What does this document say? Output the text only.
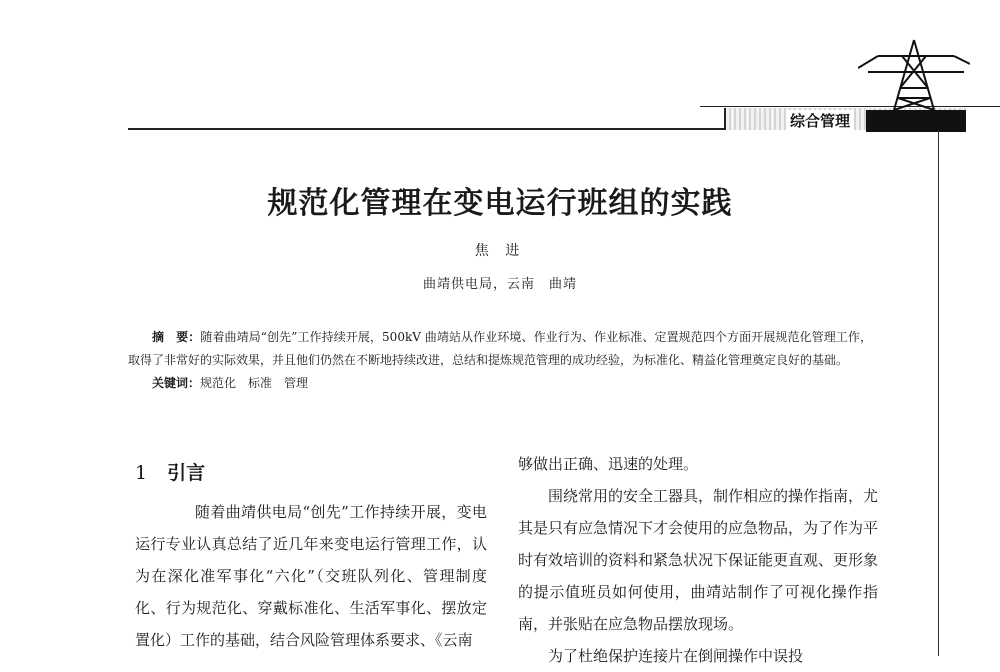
综合管理
规范化管理在变电运行班组的实践
焦 进
曲靖供电局，云南　曲靖

摘　要：随着曲靖局“创先”工作持续开展，500kV 曲靖站从作业环境、作业行为、作业标准、定置规范四个方面开展规范化管理工作，取得了非常好的实际效果，并且他们仍然在不断地持续改进，总结和提炼规范管理的成功经验，为标准化、精益化管理奠定良好的基础。

关键词：规范化　标准　管理

1 引言

随着曲靖供电局“创先”工作持续开展，变电运行专业认真总结了近几年来变电运行管理工作，认为在深化准军事化“六化”（交班队列化、管理制度化、行为规范化、穿戴标准化、生活军事化、摆放定置化）工作的基础，结合风险管理体系要求、《云南

够做出正确、迅速的处理。

围绕常用的安全工器具，制作相应的操作指南，尤其是只有应急情况下才会使用的应急物品，为了作为平时有效培训的资料和紧急状况下保证能更直观、更形象的提示值班员如何使用，曲靖站制作了可视化操作指南，并张贴在应急物品摆放现场。

为了杜绝保护连接片在倒闸操作中误投
